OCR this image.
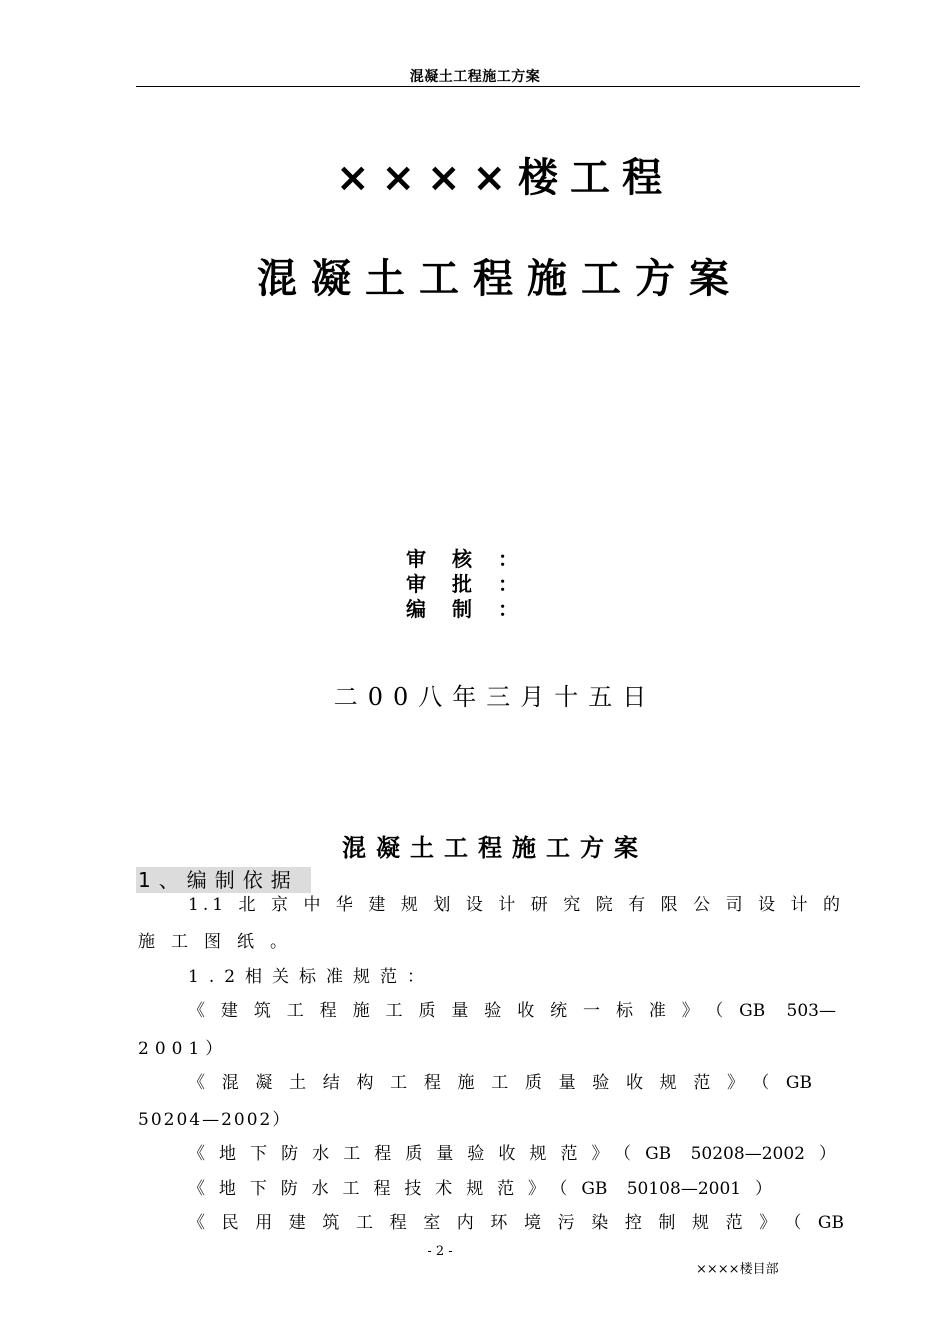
混凝土工程施工方案
××××楼工程
混凝土工程施工方案
审核：
审批：
编制：
二00八年三月十五日
混凝土工程施工方案
1、编制依据
1.1北京中华建规划设计研究院有限公司设计的
施工图纸。
1.2相关标准规范：
《建筑工程施工质量验收统一标准》（GB 503—
2001）
《混凝土结构工程施工质量验收规范》（GB
50204—2002）
《地下防水工程质量验收规范》（GB 50208—2002）
《地下防水工程技术规范》（GB 50108—2001）
《民用建筑工程室内环境污染控制规范》（GB
- 2 -
××××楼目部
